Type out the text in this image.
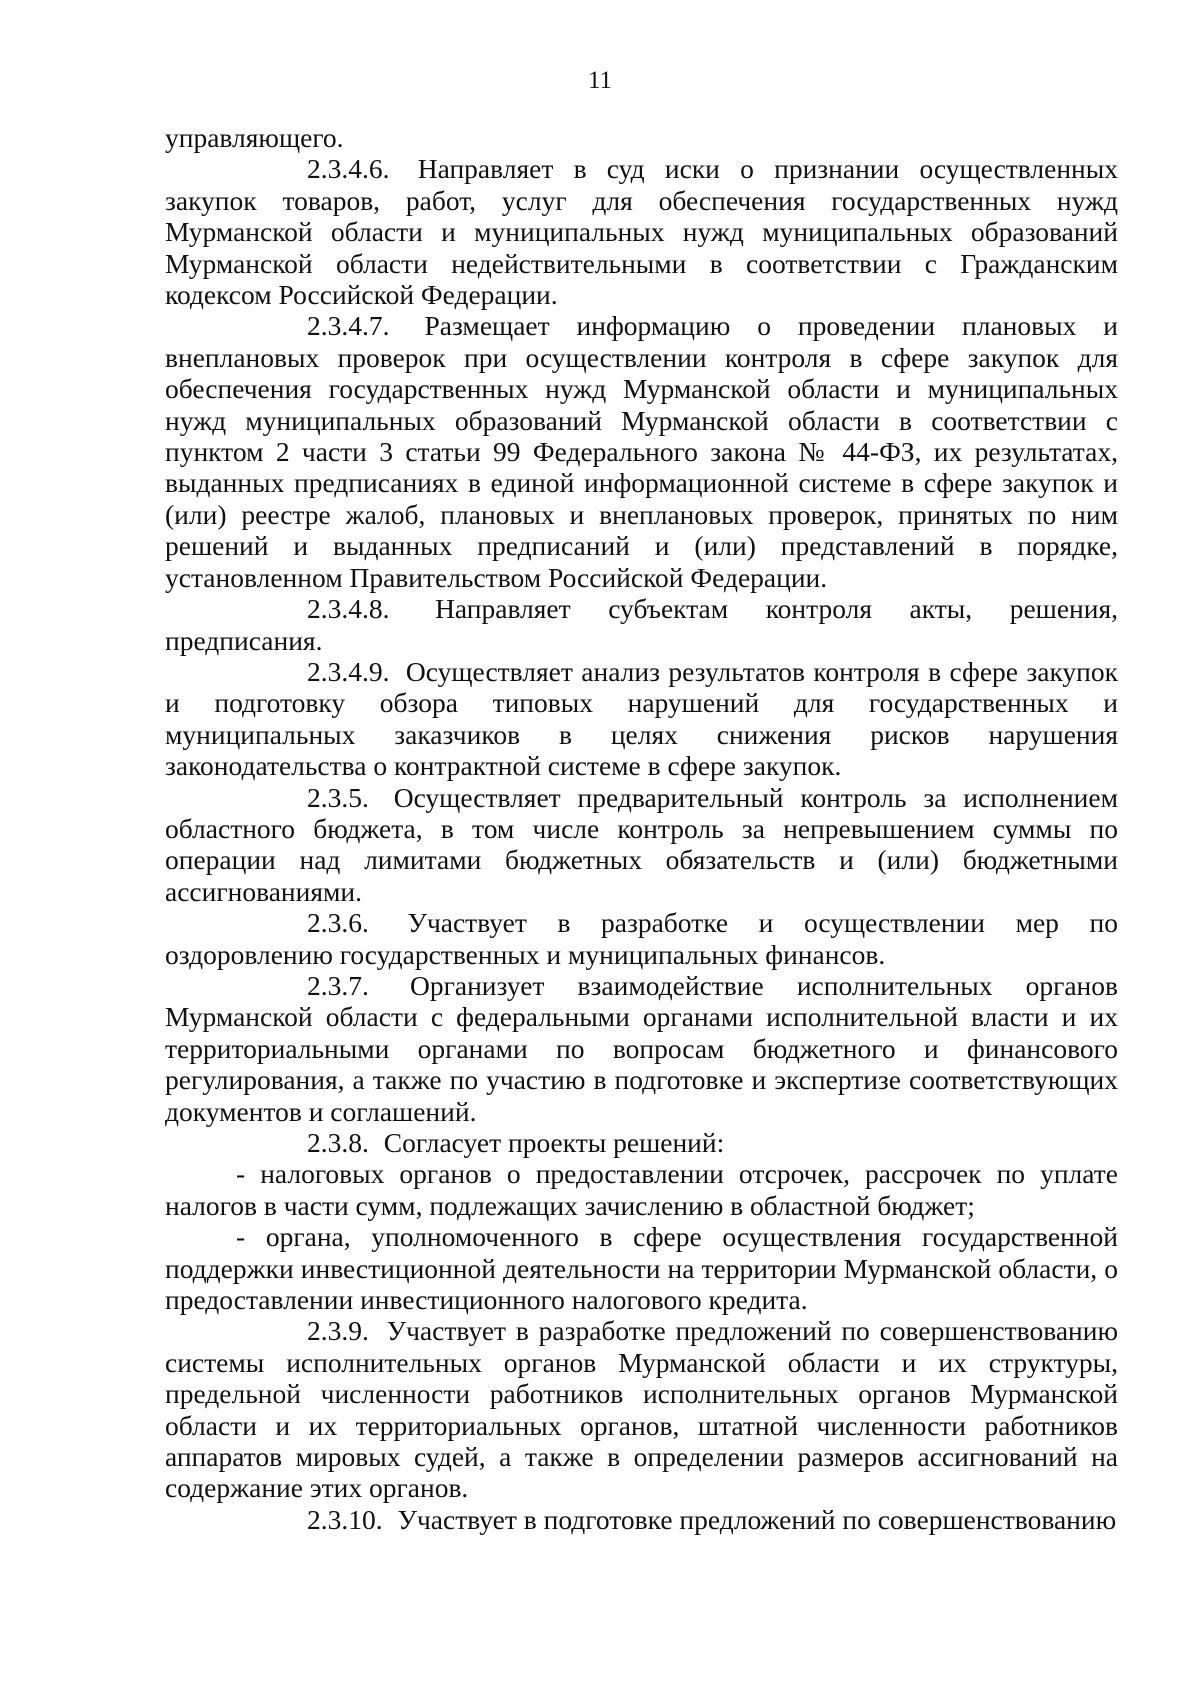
11

управляющего.

2.3.4.6. Направляет в суд иски о признании осуществленных закупок товаров, работ, услуг для обеспечения государственных нужд Мурманской области и муниципальных нужд муниципальных образований Мурманской области недействительными в соответствии с Гражданским кодексом Российской Федерации.

2.3.4.7. Размещает информацию о проведении плановых и внеплановых проверок при осуществлении контроля в сфере закупок для обеспечения государственных нужд Мурманской области и муниципальных нужд муниципальных образований Мурманской области в соответствии с пунктом 2 части 3 статьи 99 Федерального закона № 44-ФЗ, их результатах, выданных предписаниях в единой информационной системе в сфере закупок и (или) реестре жалоб, плановых и внеплановых проверок, принятых по ним решений и выданных предписаний и (или) представлений в порядке, установленном Правительством Российской Федерации.

2.3.4.8. Направляет субъектам контроля акты, решения, предписания.

2.3.4.9. Осуществляет анализ результатов контроля в сфере закупок и подготовку обзора типовых нарушений для государственных и муниципальных заказчиков в целях снижения рисков нарушения законодательства о контрактной системе в сфере закупок.

2.3.5. Осуществляет предварительный контроль за исполнением областного бюджета, в том числе контроль за непревышением суммы по операции над лимитами бюджетных обязательств и (или) бюджетными ассигнованиями.

2.3.6. Участвует в разработке и осуществлении мер по оздоровлению государственных и муниципальных финансов.

2.3.7. Организует взаимодействие исполнительных органов Мурманской области с федеральными органами исполнительной власти и их территориальными органами по вопросам бюджетного и финансового регулирования, а также по участию в подготовке и экспертизе соответствующих документов и соглашений.

2.3.8. Согласует проекты решений:

- налоговых органов о предоставлении отсрочек, рассрочек по уплате налогов в части сумм, подлежащих зачислению в областной бюджет;

- органа, уполномоченного в сфере осуществления государственной поддержки инвестиционной деятельности на территории Мурманской области, о предоставлении инвестиционного налогового кредита.

2.3.9. Участвует в разработке предложений по совершенствованию системы исполнительных органов Мурманской области и их структуры, предельной численности работников исполнительных органов Мурманской области и их территориальных органов, штатной численности работников аппаратов мировых судей, а также в определении размеров ассигнований на содержание этих органов.

2.3.10. Участвует в подготовке предложений по совершенствованию
